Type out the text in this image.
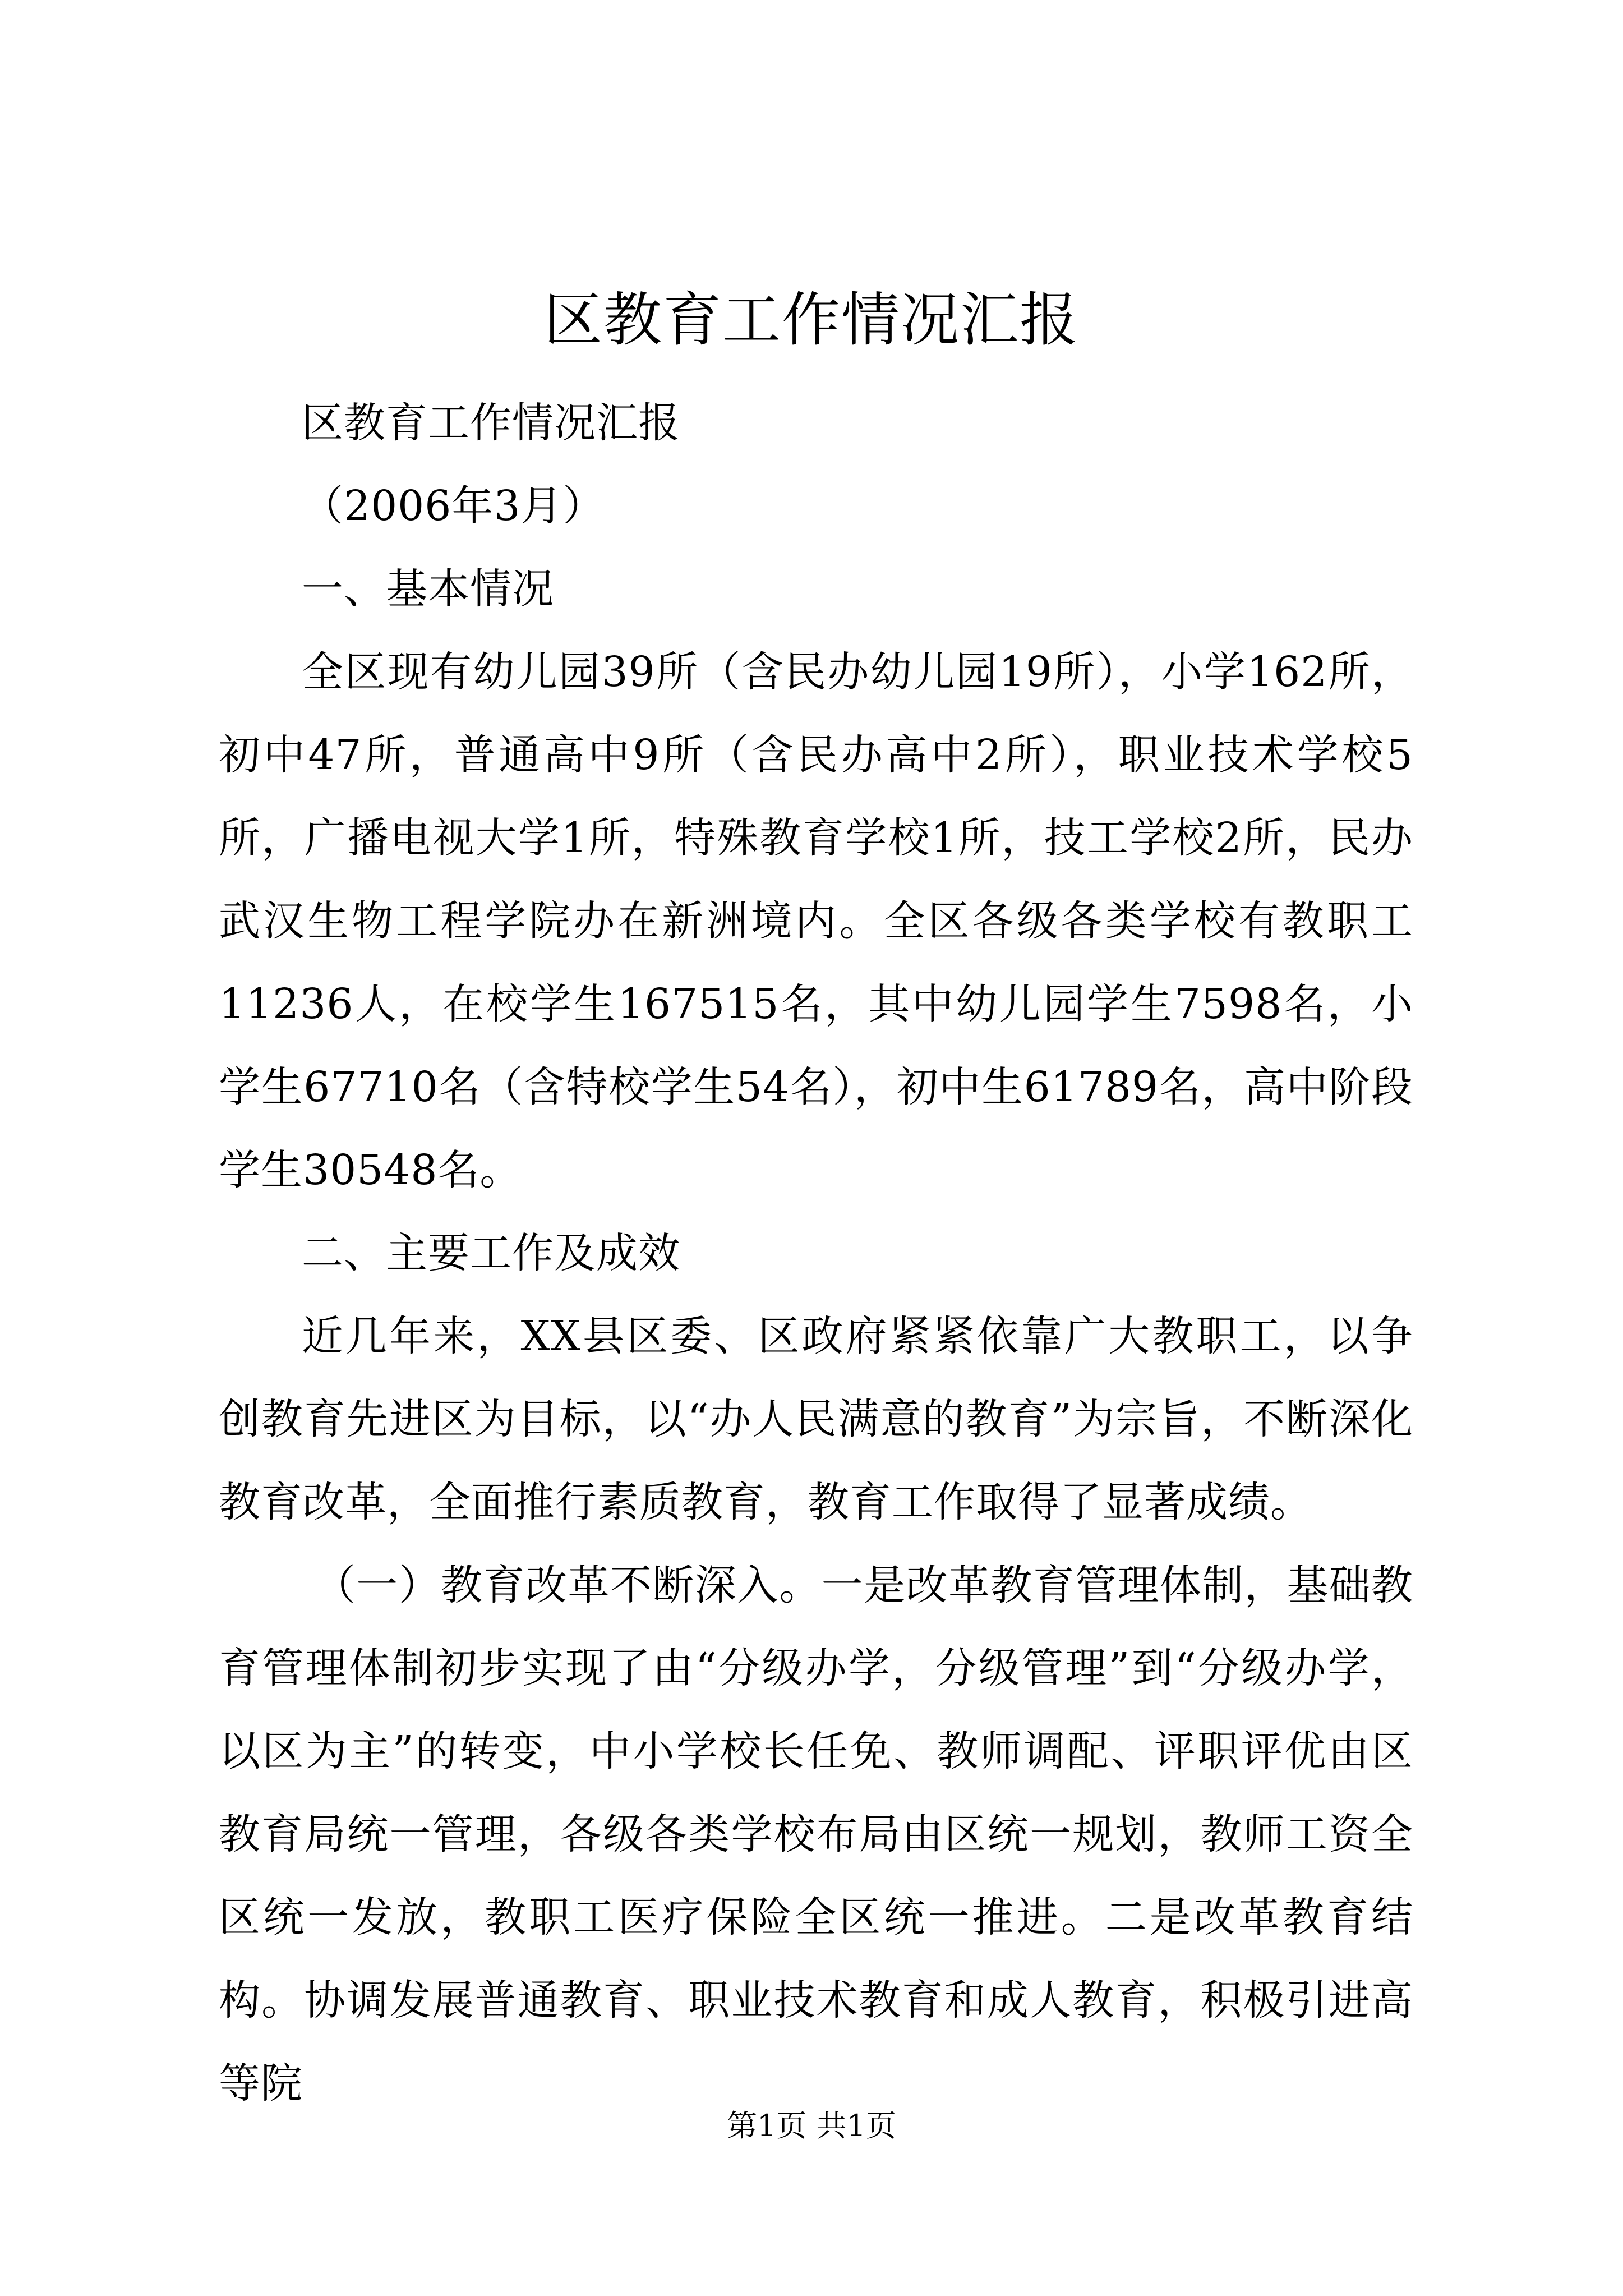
区教育工作情况汇报

区教育工作情况汇报

（2006年3月）

一、基本情况

全区现有幼儿园39所（含民办幼儿园19所），小学162所，初中47所，普通高中9所（含民办高中2所），职业技术学校5所，广播电视大学1所，特殊教育学校1所，技工学校2所，民办武汉生物工程学院办在新洲境内。全区各级各类学校有教职工11236人，在校学生167515名，其中幼儿园学生7598名，小学生67710名（含特校学生54名），初中生61789名，高中阶段学生30548名。

二、主要工作及成效

近几年来，XX县区委、区政府紧紧依靠广大教职工，以争创教育先进区为目标，以“办人民满意的教育”为宗旨，不断深化教育改革，全面推行素质教育，教育工作取得了显著成绩。

（一）教育改革不断深入。一是改革教育管理体制，基础教育管理体制初步实现了由“分级办学，分级管理”到“分级办学，以区为主”的转变，中小学校长任免、教师调配、评职评优由区教育局统一管理，各级各类学校布局由区统一规划，教师工资全区统一发放，教职工医疗保险全区统一推进。二是改革教育结构。协调发展普通教育、职业技术教育和成人教育，积极引进高等院

第1页 共1页
